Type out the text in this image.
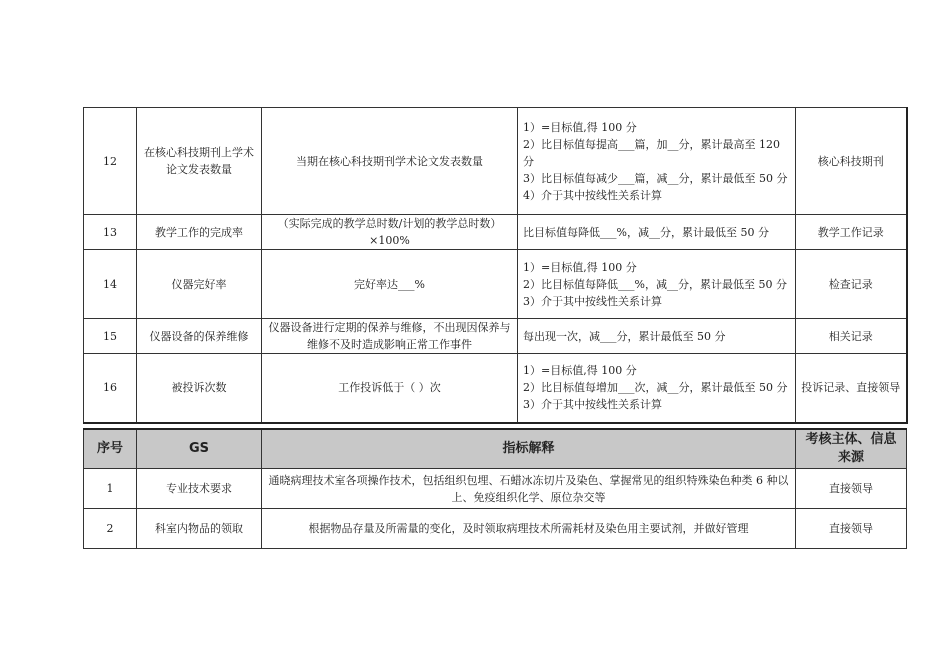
12	在核心科技期刊上学术论文发表数量	当期在核心科技期刊学术论文发表数量	1）=目标值,得 100 分
2）比目标值每提高___篇，加__分，累计最高至 120 分
3）比目标值每减少___篇，减__分，累计最低至 50 分
4）介于其中按线性关系计算	核心科技期刊
13	教学工作的完成率	（实际完成的教学总时数/计划的教学总时数）×100%	比目标值每降低___%，减__分，累计最低至 50 分	教学工作记录
14	仪器完好率	完好率达___%	1）=目标值,得 100 分
2）比目标值每降低___%，减__分，累计最低至 50 分
3）介于其中按线性关系计算	检查记录
15	仪器设备的保养维修	仪器设备进行定期的保养与维修，不出现因保养与维修不及时造成影响正常工作事件	每出现一次，减___分，累计最低至 50 分	相关记录
16	被投诉次数	工作投诉低于（ ）次	1）=目标值,得 100 分
2）比目标值每增加___次，减__分，累计最低至 50 分
3）介于其中按线性关系计算	投诉记录、直接领导
序号	GS	指标解释	考核主体、信息来源
1	专业技术要求	通晓病理技术室各项操作技术，包括组织包埋、石蜡冰冻切片及染色、掌握常见的组织特殊染色种类 6 种以上、免疫组织化学、原位杂交等	直接领导
2	科室内物品的领取	根据物品存量及所需量的变化，及时领取病理技术所需耗材及染色用主要试剂，并做好管理	直接领导
